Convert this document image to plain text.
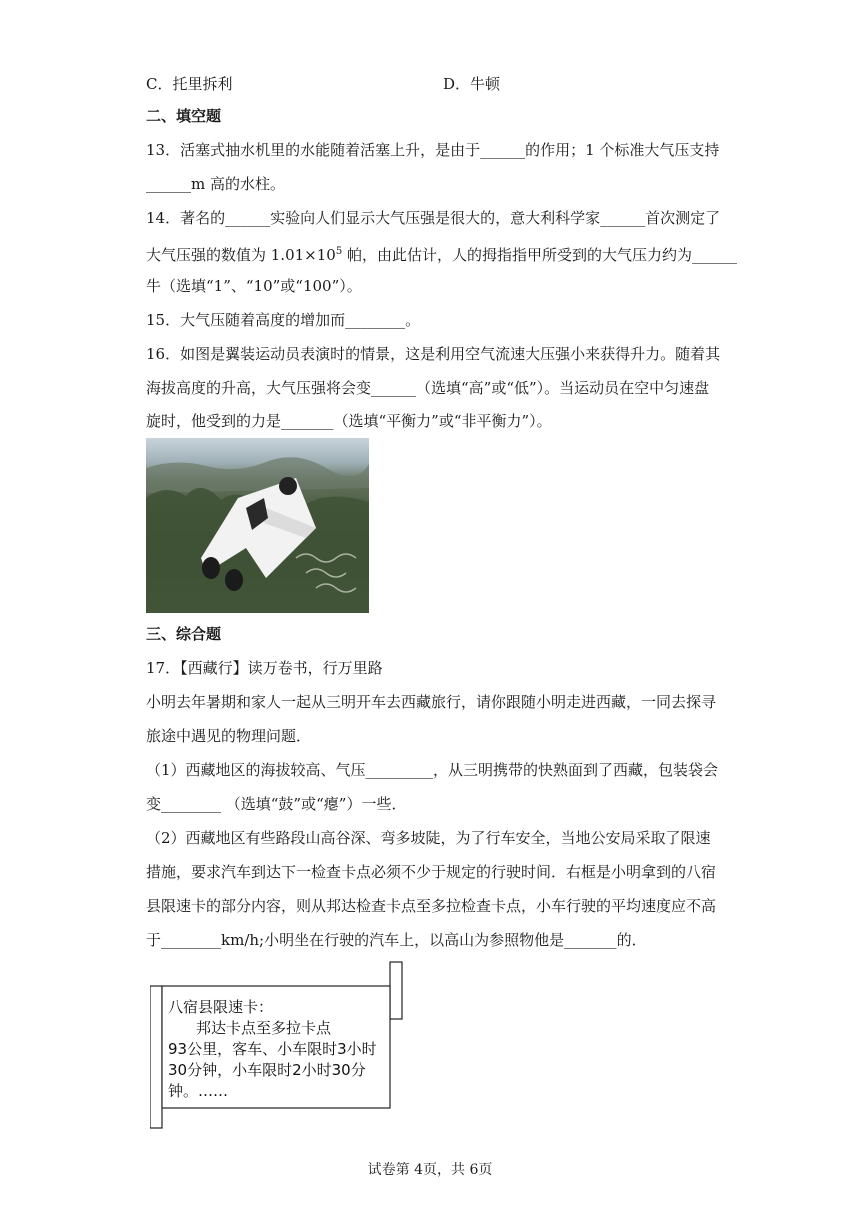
C．托里拆利	D．牛顿
二、填空题
13．活塞式抽水机里的水能随着活塞上升，是由于______的作用；1 个标准大气压支持
______m 高的水柱。
14．著名的______实验向人们显示大气压强是很大的，意大利科学家______首次测定了
大气压强的数值为 $1.01\times 10^5$ 帕，由此估计，人的拇指指甲所受到的大气压力约为______
牛（选填“1”、“10”或“100”）。
15．大气压随着高度的增加而________。
16．如图是翼装运动员表演时的情景，这是利用空气流速大压强小来获得升力。随着其
海拔高度的升高，大气压强将会变______（选填“高”或“低”）。当运动员在空中匀速盘
旋时，他受到的力是_______（选填“平衡力”或“非平衡力”）。
三、综合题
17．【西藏行】读万卷书，行万里路
小明去年暑期和家人一起从三明开车去西藏旅行，请你跟随小明走进西藏，一同去探寻
旅途中遇见的物理问题．
（1）西藏地区的海拔较高、气压_________，从三明携带的快熟面到了西藏，包装袋会
变________ （选填“鼓”或“瘪”）一些．
（2）西藏地区有些路段山高谷深、弯多坡陡，为了行车安全，当地公安局采取了限速
措施，要求汽车到达下一检查卡点必须不少于规定的行驶时间．右框是小明拿到的八宿
县限速卡的部分内容，则从邦达检查卡点至多拉检查卡点，小车行驶的平均速度应不高
于________km/h;小明坐在行驶的汽车上，以高山为参照物他是_______的．
八宿县限速卡：
邦达卡点至多拉卡点
93公里，客车、小车限时3小时
30分钟，小车限时2小时30分
钟。……
试卷第 4页，共 6页
